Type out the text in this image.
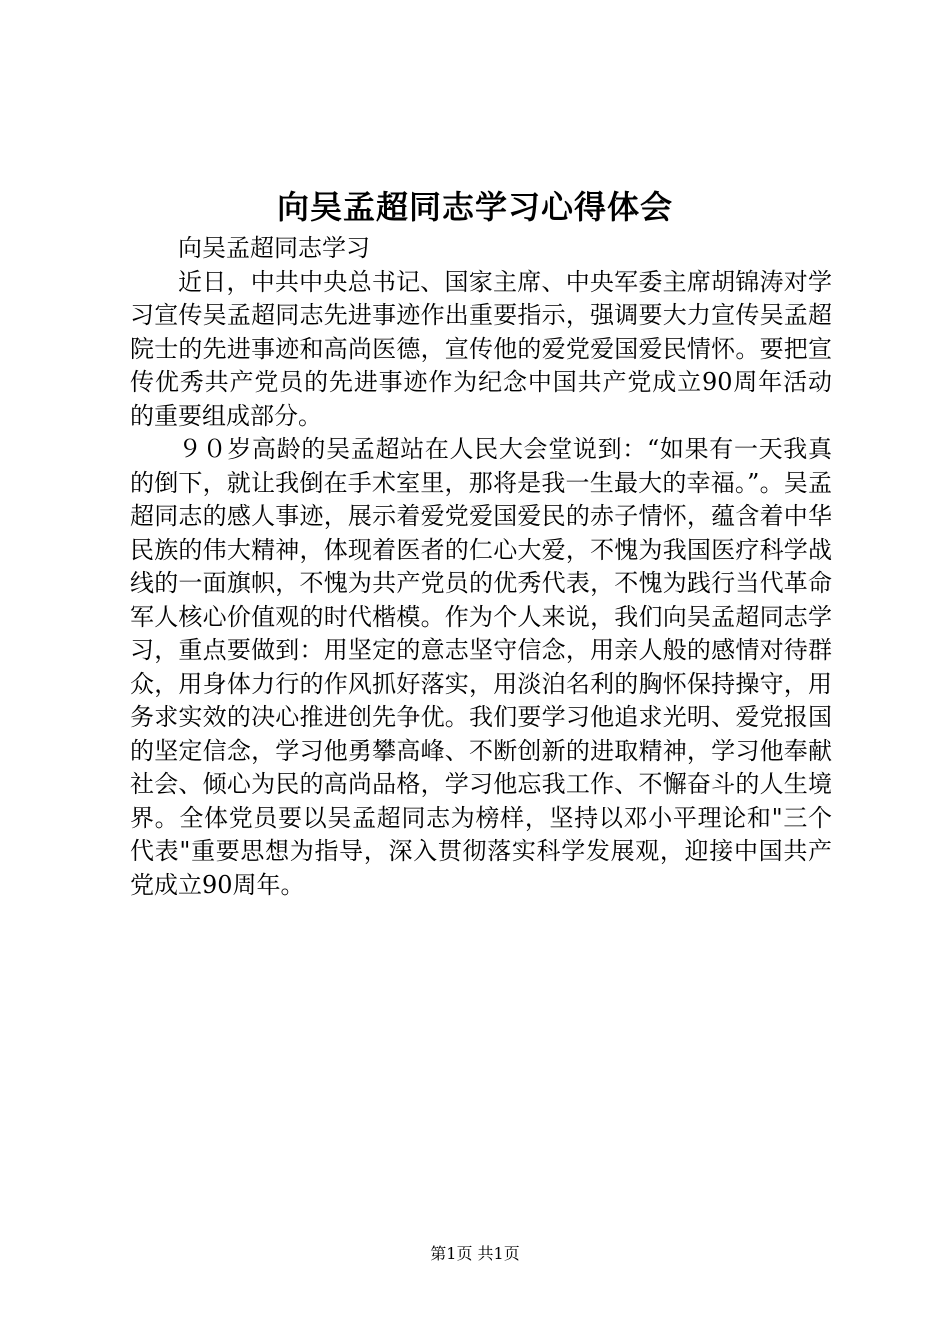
向吴孟超同志学习心得体会

向吴孟超同志学习

近日，中共中央总书记、国家主席、中央军委主席胡锦涛对学习宣传吴孟超同志先进事迹作出重要指示，强调要大力宣传吴孟超院士的先进事迹和高尚医德，宣传他的爱党爱国爱民情怀。要把宣传优秀共产党员的先进事迹作为纪念中国共产党成立90周年活动的重要组成部分。

９０岁高龄的吴孟超站在人民大会堂说到：“如果有一天我真的倒下，就让我倒在手术室里，那将是我一生最大的幸福。”。吴孟超同志的感人事迹，展示着爱党爱国爱民的赤子情怀，蕴含着中华民族的伟大精神，体现着医者的仁心大爱，不愧为我国医疗科学战线的一面旗帜，不愧为共产党员的优秀代表，不愧为践行当代革命军人核心价值观的时代楷模。作为个人来说，我们向吴孟超同志学习，重点要做到：用坚定的意志坚守信念，用亲人般的感情对待群众，用身体力行的作风抓好落实，用淡泊名利的胸怀保持操守，用务求实效的决心推进创先争优。我们要学习他追求光明、爱党报国的坚定信念，学习他勇攀高峰、不断创新的进取精神，学习他奉献社会、倾心为民的高尚品格，学习他忘我工作、不懈奋斗的人生境界。全体党员要以吴孟超同志为榜样，坚持以邓小平理论和"三个代表"重要思想为指导，深入贯彻落实科学发展观，迎接中国共产党成立90周年。

第1页 共1页
